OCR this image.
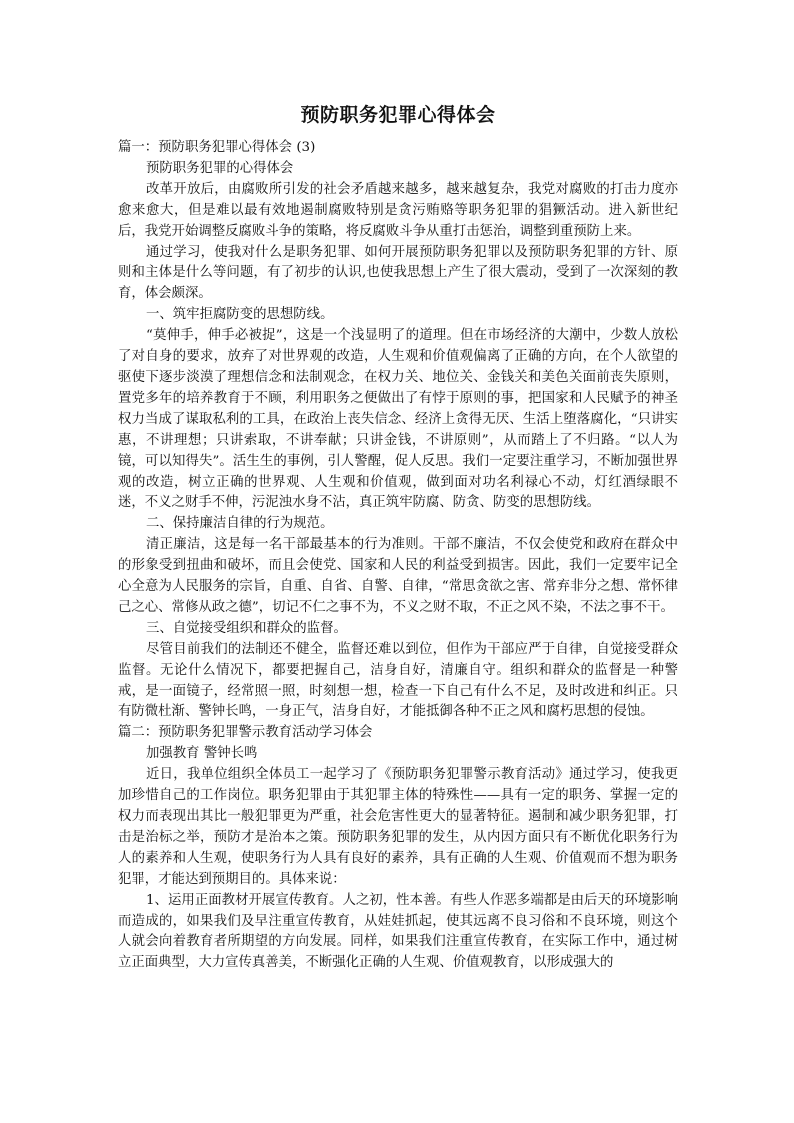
预防职务犯罪心得体会

篇一：预防职务犯罪心得体会 (3)

预防职务犯罪的心得体会

改革开放后，由腐败所引发的社会矛盾越来越多，越来越复杂，我党对腐败的打击力度亦愈来愈大，但是难以最有效地遏制腐败特别是贪污贿赂等职务犯罪的猖獗活动。进入新世纪后，我党开始调整反腐败斗争的策略，将反腐败斗争从重打击惩治，调整到重预防上来。

通过学习，使我对什么是职务犯罪、如何开展预防职务犯罪以及预防职务犯罪的方针、原则和主体是什么等问题，有了初步的认识,也使我思想上产生了很大震动，受到了一次深刻的教育，体会颇深。

一、筑牢拒腐防变的思想防线。

“莫伸手，伸手必被捉”，这是一个浅显明了的道理。但在市场经济的大潮中，少数人放松了对自身的要求，放弃了对世界观的改造，人生观和价值观偏离了正确的方向，在个人欲望的驱使下逐步淡漠了理想信念和法制观念，在权力关、地位关、金钱关和美色关面前丧失原则，置党多年的培养教育于不顾，利用职务之便做出了有悖于原则的事，把国家和人民赋予的神圣权力当成了谋取私利的工具，在政治上丧失信念、经济上贪得无厌、生活上堕落腐化，“只讲实惠，不讲理想；只讲索取，不讲奉献；只讲金钱，不讲原则”，从而踏上了不归路。“以人为镜，可以知得失”。活生生的事例，引人警醒，促人反思。我们一定要注重学习，不断加强世界观的改造，树立正确的世界观、人生观和价值观，做到面对功名利禄心不动，灯红酒绿眼不迷，不义之财手不伸，污泥浊水身不沾，真正筑牢防腐、防贪、防变的思想防线。

二、保持廉洁自律的行为规范。

清正廉洁，这是每一名干部最基本的行为准则。干部不廉洁，不仅会使党和政府在群众中的形象受到扭曲和破坏，而且会使党、国家和人民的利益受到损害。因此，我们一定要牢记全心全意为人民服务的宗旨，自重、自省、自警、自律，“常思贪欲之害、常弃非分之想、常怀律己之心、常修从政之德”，切记不仁之事不为，不义之财不取，不正之风不染，不法之事不干。

三、自觉接受组织和群众的监督。

尽管目前我们的法制还不健全，监督还难以到位，但作为干部应严于自律，自觉接受群众监督。无论什么情况下，都要把握自己，洁身自好，清廉自守。组织和群众的监督是一种警戒，是一面镜子，经常照一照，时刻想一想，检查一下自己有什么不足，及时改进和纠正。只有防微杜渐、警钟长鸣，一身正气，洁身自好，才能抵御各种不正之风和腐朽思想的侵蚀。

篇二：预防职务犯罪警示教育活动学习体会

加强教育 警钟长鸣

近日，我单位组织全体员工一起学习了《预防职务犯罪警示教育活动》通过学习，使我更加珍惜自己的工作岗位。职务犯罪由于其犯罪主体的特殊性——具有一定的职务、掌握一定的权力而表现出其比一般犯罪更为严重，社会危害性更大的显著特征。遏制和减少职务犯罪，打击是治标之举，预防才是治本之策。预防职务犯罪的发生，从内因方面只有不断优化职务行为人的素养和人生观，使职务行为人具有良好的素养，具有正确的人生观、价值观而不想为职务犯罪，才能达到预期目的。具体来说：

1、运用正面教材开展宣传教育。人之初，性本善。有些人作恶多端都是由后天的环境影响而造成的，如果我们及早注重宣传教育，从娃娃抓起，使其远离不良习俗和不良环境，则这个人就会向着教育者所期望的方向发展。同样，如果我们注重宣传教育，在实际工作中，通过树立正面典型，大力宣传真善美，不断强化正确的人生观、价值观教育，以形成强大的
